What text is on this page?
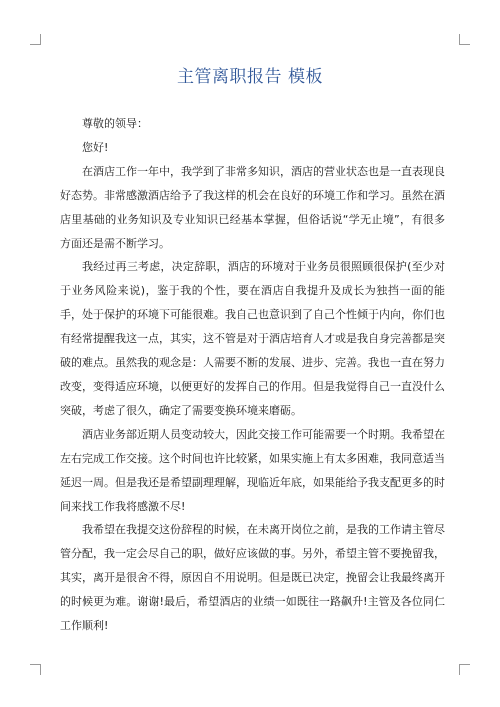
主管离职报告 模板

尊敬的领导：

您好!

在酒店工作一年中，我学到了非常多知识，酒店的营业状态也是一直表现良好态势。非常感激酒店给予了我这样的机会在良好的环境工作和学习。虽然在酒店里基础的业务知识及专业知识已经基本掌握，但俗话说“学无止境”，有很多方面还是需不断学习。

我经过再三考虑，决定辞职，酒店的环境对于业务员很照顾很保护(至少对于业务风险来说)，鉴于我的个性，要在酒店自我提升及成长为独挡一面的能手，处于保护的环境下可能很难。我自己也意识到了自己个性倾于内向，你们也有经常提醒我这一点，其实，这不管是对于酒店培育人才或是我自身完善都是突破的难点。虽然我的观念是：人需要不断的发展、进步、完善。我也一直在努力改变，变得适应环境，以便更好的发挥自己的作用。但是我觉得自己一直没什么突破，考虑了很久，确定了需要变换环境来磨砺。

酒店业务部近期人员变动较大，因此交接工作可能需要一个时期。我希望在左右完成工作交接。这个时间也许比较紧，如果实施上有太多困难，我同意适当延迟一周。但是我还是希望副理理解，现临近年底，如果能给予我支配更多的时间来找工作我将感激不尽!

我希望在我提交这份辞程的时候，在未离开岗位之前，是我的工作请主管尽管分配，我一定会尽自己的职，做好应该做的事。另外，希望主管不要挽留我，其实，离开是很舍不得，原因自不用说明。但是既已决定，挽留会让我最终离开的时候更为难。谢谢!最后，希望酒店的业绩一如既往一路飙升!主管及各位同仁工作顺利!
